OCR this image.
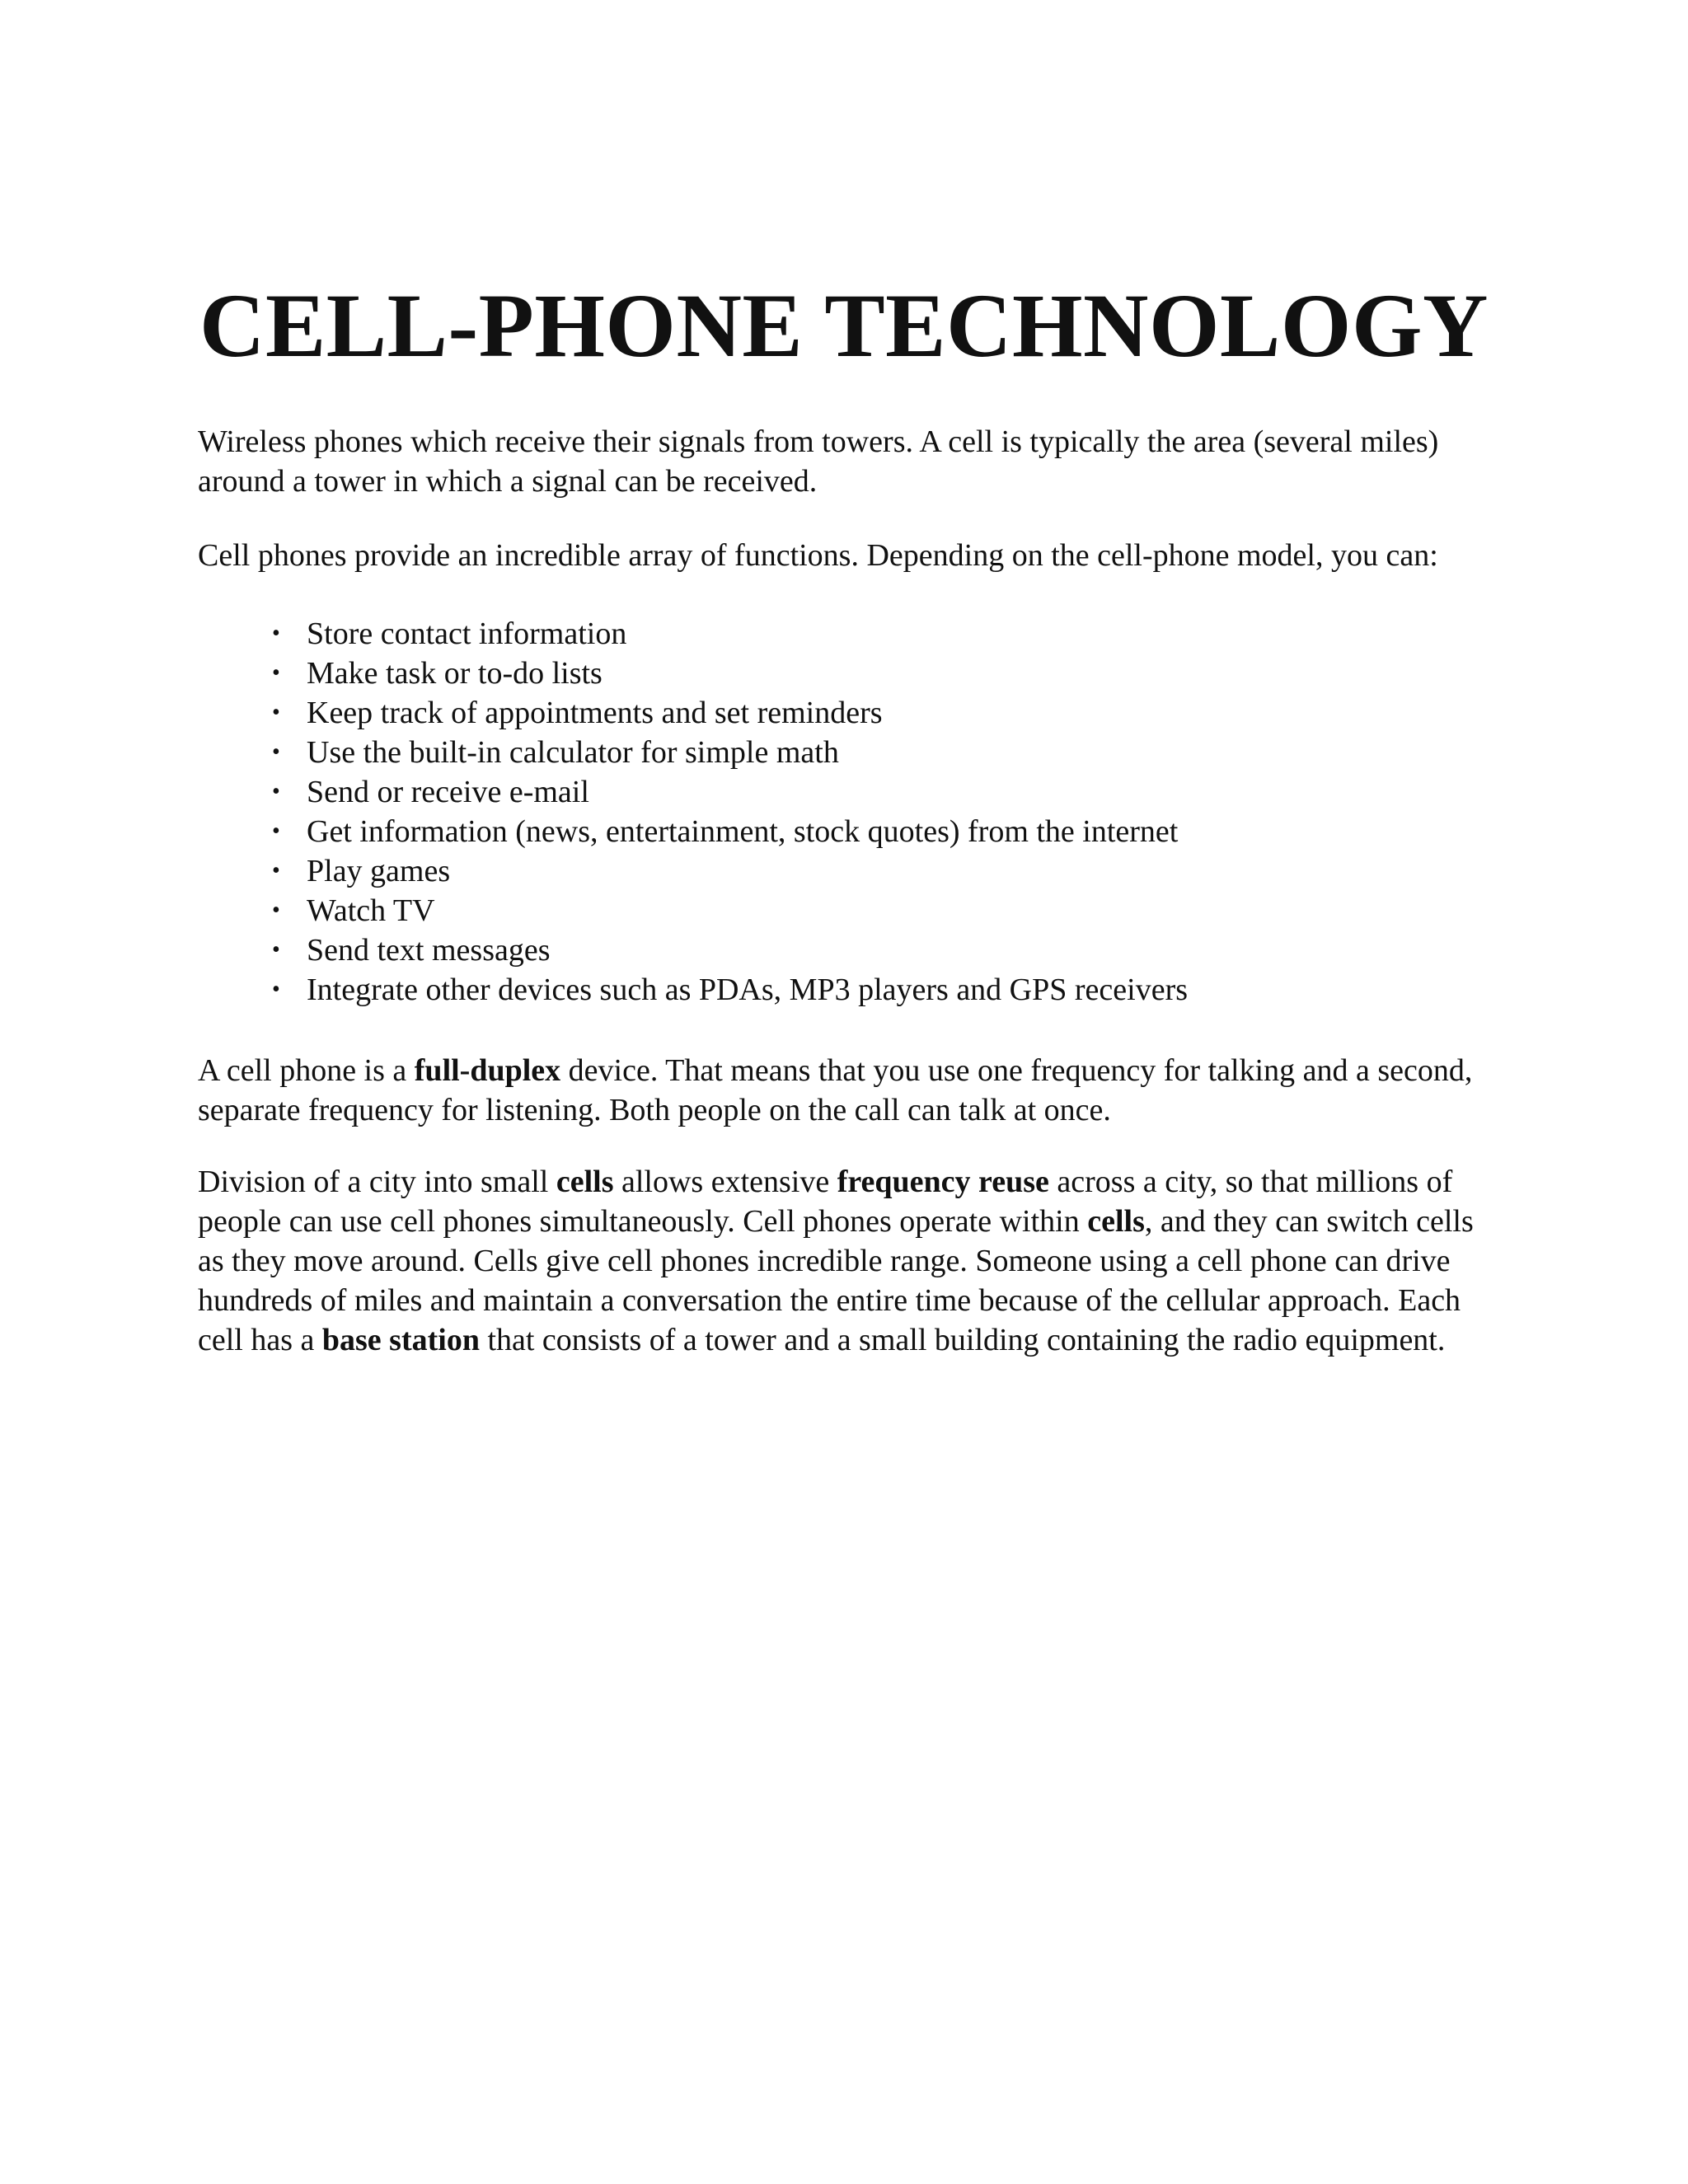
CELL-PHONE TECHNOLOGY

Wireless phones which receive their signals from towers. A cell is typically the area (several miles) around a tower in which a signal can be received.

Cell phones provide an incredible array of functions. Depending on the cell-phone model, you can:

• Store contact information
• Make task or to-do lists
• Keep track of appointments and set reminders
• Use the built-in calculator for simple math
• Send or receive e-mail
• Get information (news, entertainment, stock quotes) from the internet
• Play games
• Watch TV
• Send text messages
• Integrate other devices such as PDAs, MP3 players and GPS receivers

A cell phone is a full-duplex device. That means that you use one frequency for talking and a second, separate frequency for listening. Both people on the call can talk at once.

Division of a city into small cells allows extensive frequency reuse across a city, so that millions of people can use cell phones simultaneously. Cell phones operate within cells, and they can switch cells as they move around. Cells give cell phones incredible range. Someone using a cell phone can drive hundreds of miles and maintain a conversation the entire time because of the cellular approach. Each cell has a base station that consists of a tower and a small building containing the radio equipment.
